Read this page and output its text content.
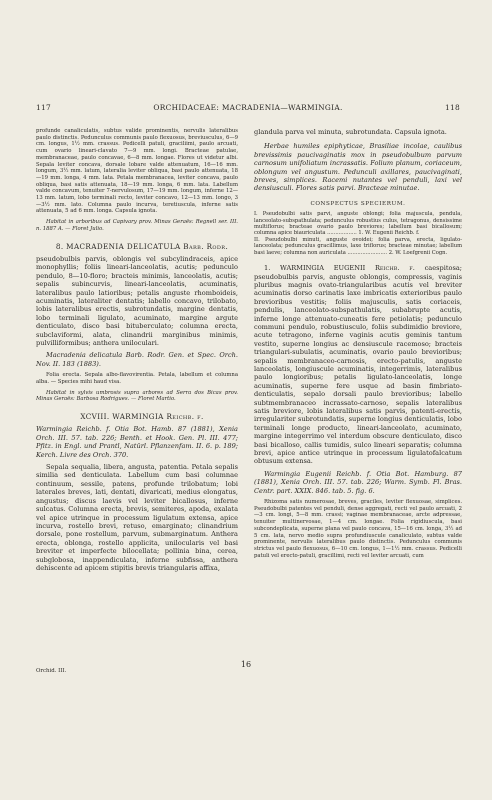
117	ORCHIDACEAE: MACRADENIA—WARMINGIA.	118

profunde canaliculatis, subtus valide prominentis, nervulis lateralibus paulo distinctis. Pedunculus communis paulo flexuosus, breviusculus, 6—9 cm. longus, 1½ mm. crassus. Pedicelli patuli, graciliimi, paulo arcuati, cum ovario lineari-clavato 7—9 mm. longi. Bracteae patulae, membranaceae, paulo concavae, 6—8 mm. longae. Flores ut videtur albi. Sepala leviter concava, dorsale lobare valde attenuatum, 16—16 mm. longum, 3½ mm. latum, lateralia leviter obliqua, basi paulo attenuata, 18—19 mm. longa, 4 mm. lata. Petala membranacea, leviter concava, paulo obliqua, basi satis attenuata, 18—19 mm. longa, 6 mm. lata. Labellum valde concavum, tenuiter 7-nervulosum, 17—19 mm. longum, inferne 12—13 mm. latum, lobo terminali recto, leviter concavo, 12—13 mm. longo, 3—3½ mm. lato. Columna paulo incurva, teretiuscula, inferne satis attenuata, 5 ad 6 mm. longa. Capsula ignota.

Habitat in arboribus ad Capivary prov. Minas Geraës: Regnell ser. III. n. 1887 A. — Floret Julio.

8. MACRADENIA DELICATULA Barb. Rodr.

pseudobulbis parvis, oblongis vel subcylindraceis, apice monophyllis; foliis lineari-lanceolatis, acutis; pedunculo pendulo, 8—10-floro; bracteis minimis, lanceolatis, acutis; sepalis subincurvis, lineari-lanceolatis, acuminatis, lateralibus paulo latioribus; petalis anguste rhomboideis, acuminatis, lateraliter dentatis; labello concavo, trilobato, lobis lateralibus erectis, subrotundatis, margine dentatis, lobo terminali ligulato, acuminato, margine argute denticulato, disco basi bituberculato; columna erecta, subclaviformi, alata, clinandrii marginibus minimis, pulvilliformibus; anthera uniloculari.

Macradenia delicatula Barb. Rodr. Gen. et Spec. Orch. Nov. II. 183 (1883).

Folia erecta. Sepala albo-flavovirentia. Petala, labellum et columna alba. — Species mihi haud visa.

Habitat in sylvis umbrosis supra arbores ad Serra dos Bicas prov. Minas Geraës: Barbosa Rodrigues. — Floret Martio.

XCVIII. WARMINGIA Reichb. f.

Warmingia Reichb. f. Otia Bot. Hamb. 87 (1881), Xenia Orch. III. 57. tab. 226; Benth. et Hook. Gen. Pl. III. 477; Pfitz. in Engl. und Prantl, Natürl. Pflanzenfam. II. 6. p. 189; Kerch. Livre des Orch. 370.

Sepala sequalia, libera, angusta, patentia. Petala sepalis similia sed denticulata. Labellum cum basi columnae continuum, sessile, patens, profunde trilobatum; lobi laterales breves, lati, dentati, divaricati, medius elongatus, angustus; discus laevis vel leviter bicallosus, inferne sulcatus. Columna erecta, brevis, semiteres, apoda, exalata vel apice utrinque in processum ligulatum extensa, apice incurva, rostello brevi, retuso, emarginato; clinandrium dorsale, pone rostellum, parvum, submarginatum. Anthera erecta, oblonga, rostello applicita, unilocularis vel basi breviter et imperfecte bilocellata; pollinia bina, cerea, subglobosa, inappendiculata, inferne subfissa, anthera dehiscente ad apicem stipitis brevis triangularis affixa,

glandula parva vel minuta, subrotundata. Capsula ignota.

Herbae humiles epiphyticae, Brasiliae incolae, caulibus brevissimis paucivaginatis mox in pseudobulbum parvum carnosum unifoliatum incrassatis. Folium planum, coriaceum, oblongum vel angustum. Pedunculi axillares, paucivaginati, breves, simplices. Racemi nutantes vel penduli, laxi vel densiusculi. Flores satis parvi. Bracteae minutae.

CONSPECTUS SPECIERUM.

I. Pseudobulbi satis parvi, anguste oblongi; folia majuscula, pendula, lanceolato-subspathulata; pedunculus robustius culus, tetragonus, densissime multiflorus; bracteae ovario paulo breviores; labellum basi bicallosum; columna apice biauriculata .................. 1. W. Eugenii Reichb. f.

II. Pseudobulbi minuti, anguste ovoidei; folia parva, erecta, ligulato-lanceolata; pedunculus gracillimus, laxe triflorus; bracteae minutae; labellum basi laeve; columna non auriculata ........................ 2. W. Loefgrenii Cogn.

1. WARMINGIA EUGENII Reichb. f. caespitosa; pseudobulbis parvis, anguste oblongis, compressis, vaginis pluribus magnis ovato-triangularibus acutis vel breviter acuminatis dorso carinatis laxe imbricatis exterioribus paulo brevioribus vestitis; foliis majusculis, satis coriaceis, pendulis, lanceolato-subspathulatis, subabrupte acutis, inferne longe attenuato-cuneatis fere petiolatis; pedunculo communi pendulo, robustiusculo, foliis subdimidio breviore, acute tetragono, inferne vaginis acutis geminis tantum vestito, superne longius ac densiuscule racemoso; bracteis triangulari-subulatis, acuminatis, ovario paulo brevioribus; sepalis membranaceo-carnosis, erecto-patulis, anguste lanceolatis, longiuscule acuminatis, integerrimis, lateralibus paulo longioribus; petalis ligulato-lanceolatis, longe acuminatis, superne fere usque ad basin fimbriato-denticulatis, sepalo dorsali paulo brevioribus; labello subtmembranaceo incrassato-carnoso, sepalis lateralibus satis breviore, lobis lateralibus satis parvis, patenti-erectis, irregulariter subrotundatis, superne longius denticulatis, lobo terminali longe producto, lineari-lanceolato, acuminato, margine integerrimo vel interdum obscure denticulato, disco basi bicalloso, callis tumidis, sulco lineari separatis; columna brevi, apice antice utrinque in processum ligulatofalcatum obtusum extensa.

Warmingia Eugenii Reichb. f. Otia Bot. Hamburg. 87 (1881), Xenia Orch. III. 57. tab. 226; Warm. Symb. Fl. Bras. Centr. part. XXIX. 846. tab. 5. fig. 6.

Rhizoma satis numerosae, breves, graciles, leviter flexuosae, simplices. Pseudobulbi patentes vel penduli, dense aggregati, recti vel paulo arcuati, 2—3 cm. longi, 5—8 mm. crassi; vaginae membranaceae, arcte adpressae, tenuiter multinervosae, 1—4 cm. longae. Folia rigidiuscula, basi subcondeplicata, superne plana vel paulo concava, 15—16 cm. longa, 3½ ad 5 cm. lata, nervo medio supra profundiuscule canaliculato, subtus valde prominente, nervulis lateralibus paulo distinctis. Pedunculus communis strictus vel paulo flexuosus, 6—10 cm. longus, 1—1½ mm. crassus. Pedicelli patuli vel erecto-patuli, gracillimi, recti vel leviter arcuati, cum

Orchid. III.
16
